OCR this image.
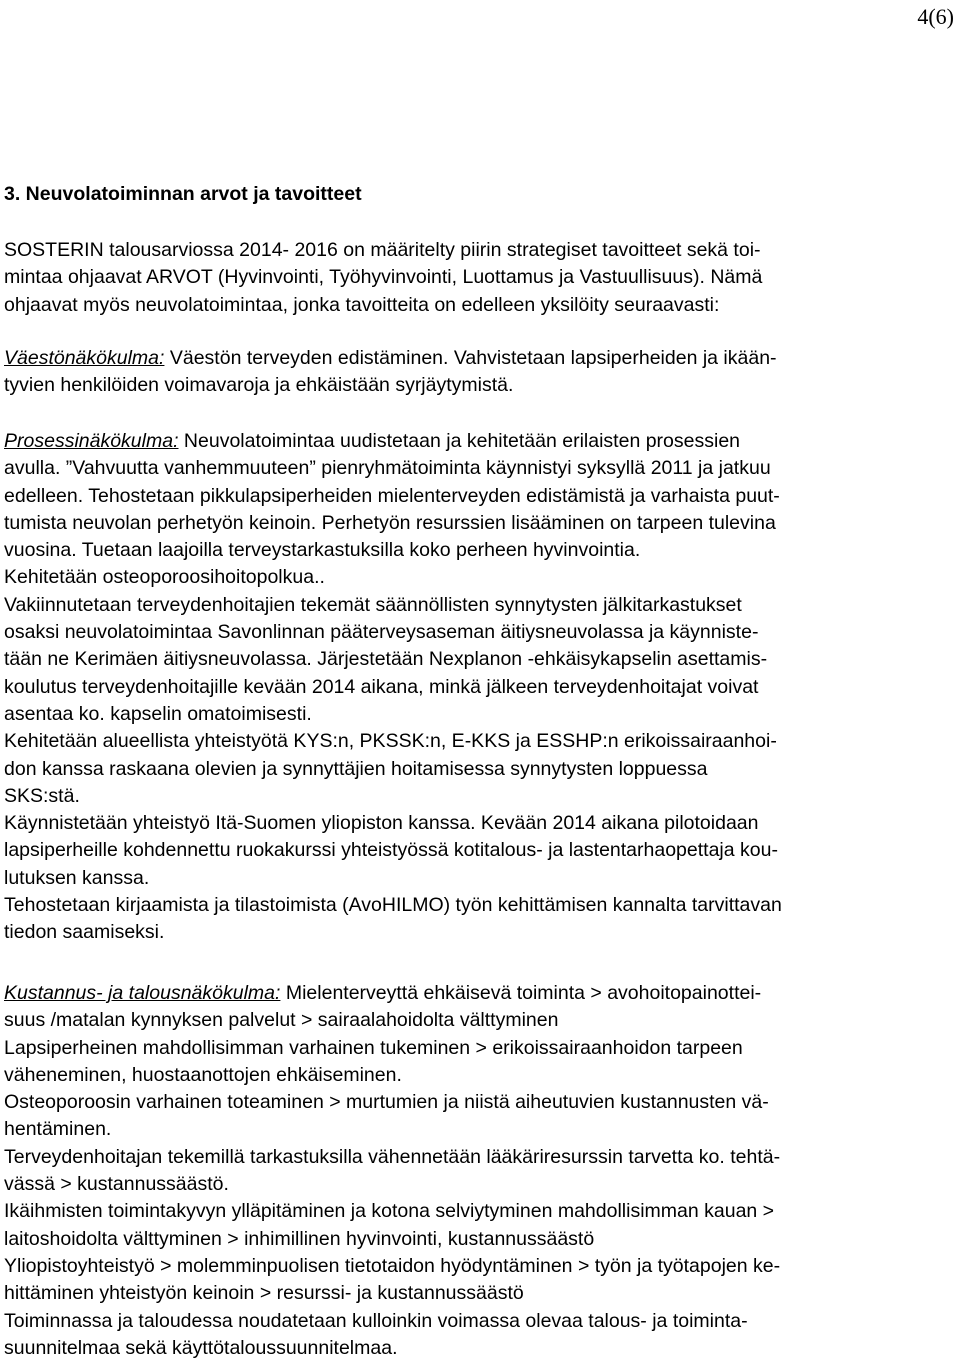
4(6)
3. Neuvolatoiminnan arvot ja tavoitteet

SOSTERIN talousarviossa 2014- 2016 on määritelty piirin strategiset tavoitteet sekä toi-
mintaa ohjaavat ARVOT (Hyvinvointi, Työhyvinvointi, Luottamus ja Vastuullisuus). Nämä
ohjaavat myös neuvolatoimintaa, jonka tavoitteita on edelleen yksilöity seuraavasti:

Väestönäkökulma: Väestön terveyden edistäminen. Vahvistetaan lapsiperheiden ja ikään-
tyvien henkilöiden voimavaroja ja ehkäistään syrjäytymistä.

Prosessinäkökulma: Neuvolatoimintaa uudistetaan ja kehitetään erilaisten prosessien
avulla. ”Vahvuutta vanhemmuuteen” pienryhmätoiminta käynnistyi syksyllä 2011 ja jatkuu
edelleen. Tehostetaan pikkulapsiperheiden mielenterveyden edistämistä ja varhaista puut-
tumista neuvolan perhetyön keinoin. Perhetyön resurssien lisääminen on tarpeen tulevina
vuosina. Tuetaan laajoilla terveystarkastuksilla koko perheen hyvinvointia.
Kehitetään osteoporoosihoitopolkua..
Vakiinnutetaan terveydenhoitajien tekemät säännöllisten synnytysten jälkitarkastukset
osaksi neuvolatoimintaa Savonlinnan pääterveysaseman äitiysneuvolassa ja käynniste-
tään ne Kerimäen äitiysneuvolassa. Järjestetään Nexplanon -ehkäisykapselin asettamis-
koulutus terveydenhoitajille kevään 2014 aikana, minkä jälkeen terveydenhoitajat voivat
asentaa ko. kapselin omatoimisesti.
Kehitetään alueellista yhteistyötä KYS:n, PKSSK:n, E-KKS ja ESSHP:n erikoissairaanhoi-
don kanssa raskaana olevien ja synnyttäjien hoitamisessa synnytysten loppuessa
SKS:stä.
Käynnistetään yhteistyö Itä-Suomen yliopiston kanssa. Kevään 2014 aikana pilotoidaan
lapsiperheille kohdennettu ruokakurssi yhteistyössä kotitalous- ja lastentarhaopettaja kou-
lutuksen kanssa.
Tehostetaan kirjaamista ja tilastoimista (AvoHILMO) työn kehittämisen kannalta tarvittavan
tiedon saamiseksi.

Kustannus- ja talousnäkökulma: Mielenterveyttä ehkäisevä toiminta > avohoitopainottei-
suus /matalan kynnyksen palvelut > sairaalahoidolta välttyminen
Lapsiperheinen mahdollisimman varhainen tukeminen > erikoissairaanhoidon tarpeen
väheneminen, huostaanottojen ehkäiseminen.
Osteoporoosin varhainen toteaminen > murtumien ja niistä aiheutuvien kustannusten vä-
hentäminen.
Terveydenhoitajan tekemillä tarkastuksilla vähennetään lääkäriresurssin tarvetta ko. tehtä-
vässä > kustannussäästö.
Ikäihmisten toimintakyvyn ylläpitäminen ja kotona selviytyminen mahdollisimman kauan >
laitoshoidolta välttyminen > inhimillinen hyvinvointi, kustannussäästö
Yliopistoyhteistyö > molemminpuolisen tietotaidon hyödyntäminen > työn ja työtapojen ke-
hittäminen yhteistyön keinoin > resurssi- ja kustannussäästö
Toiminnassa ja taloudessa noudatetaan kulloinkin voimassa olevaa talous- ja toiminta-
suunnitelmaa sekä käyttötaloussuunnitelmaa.
